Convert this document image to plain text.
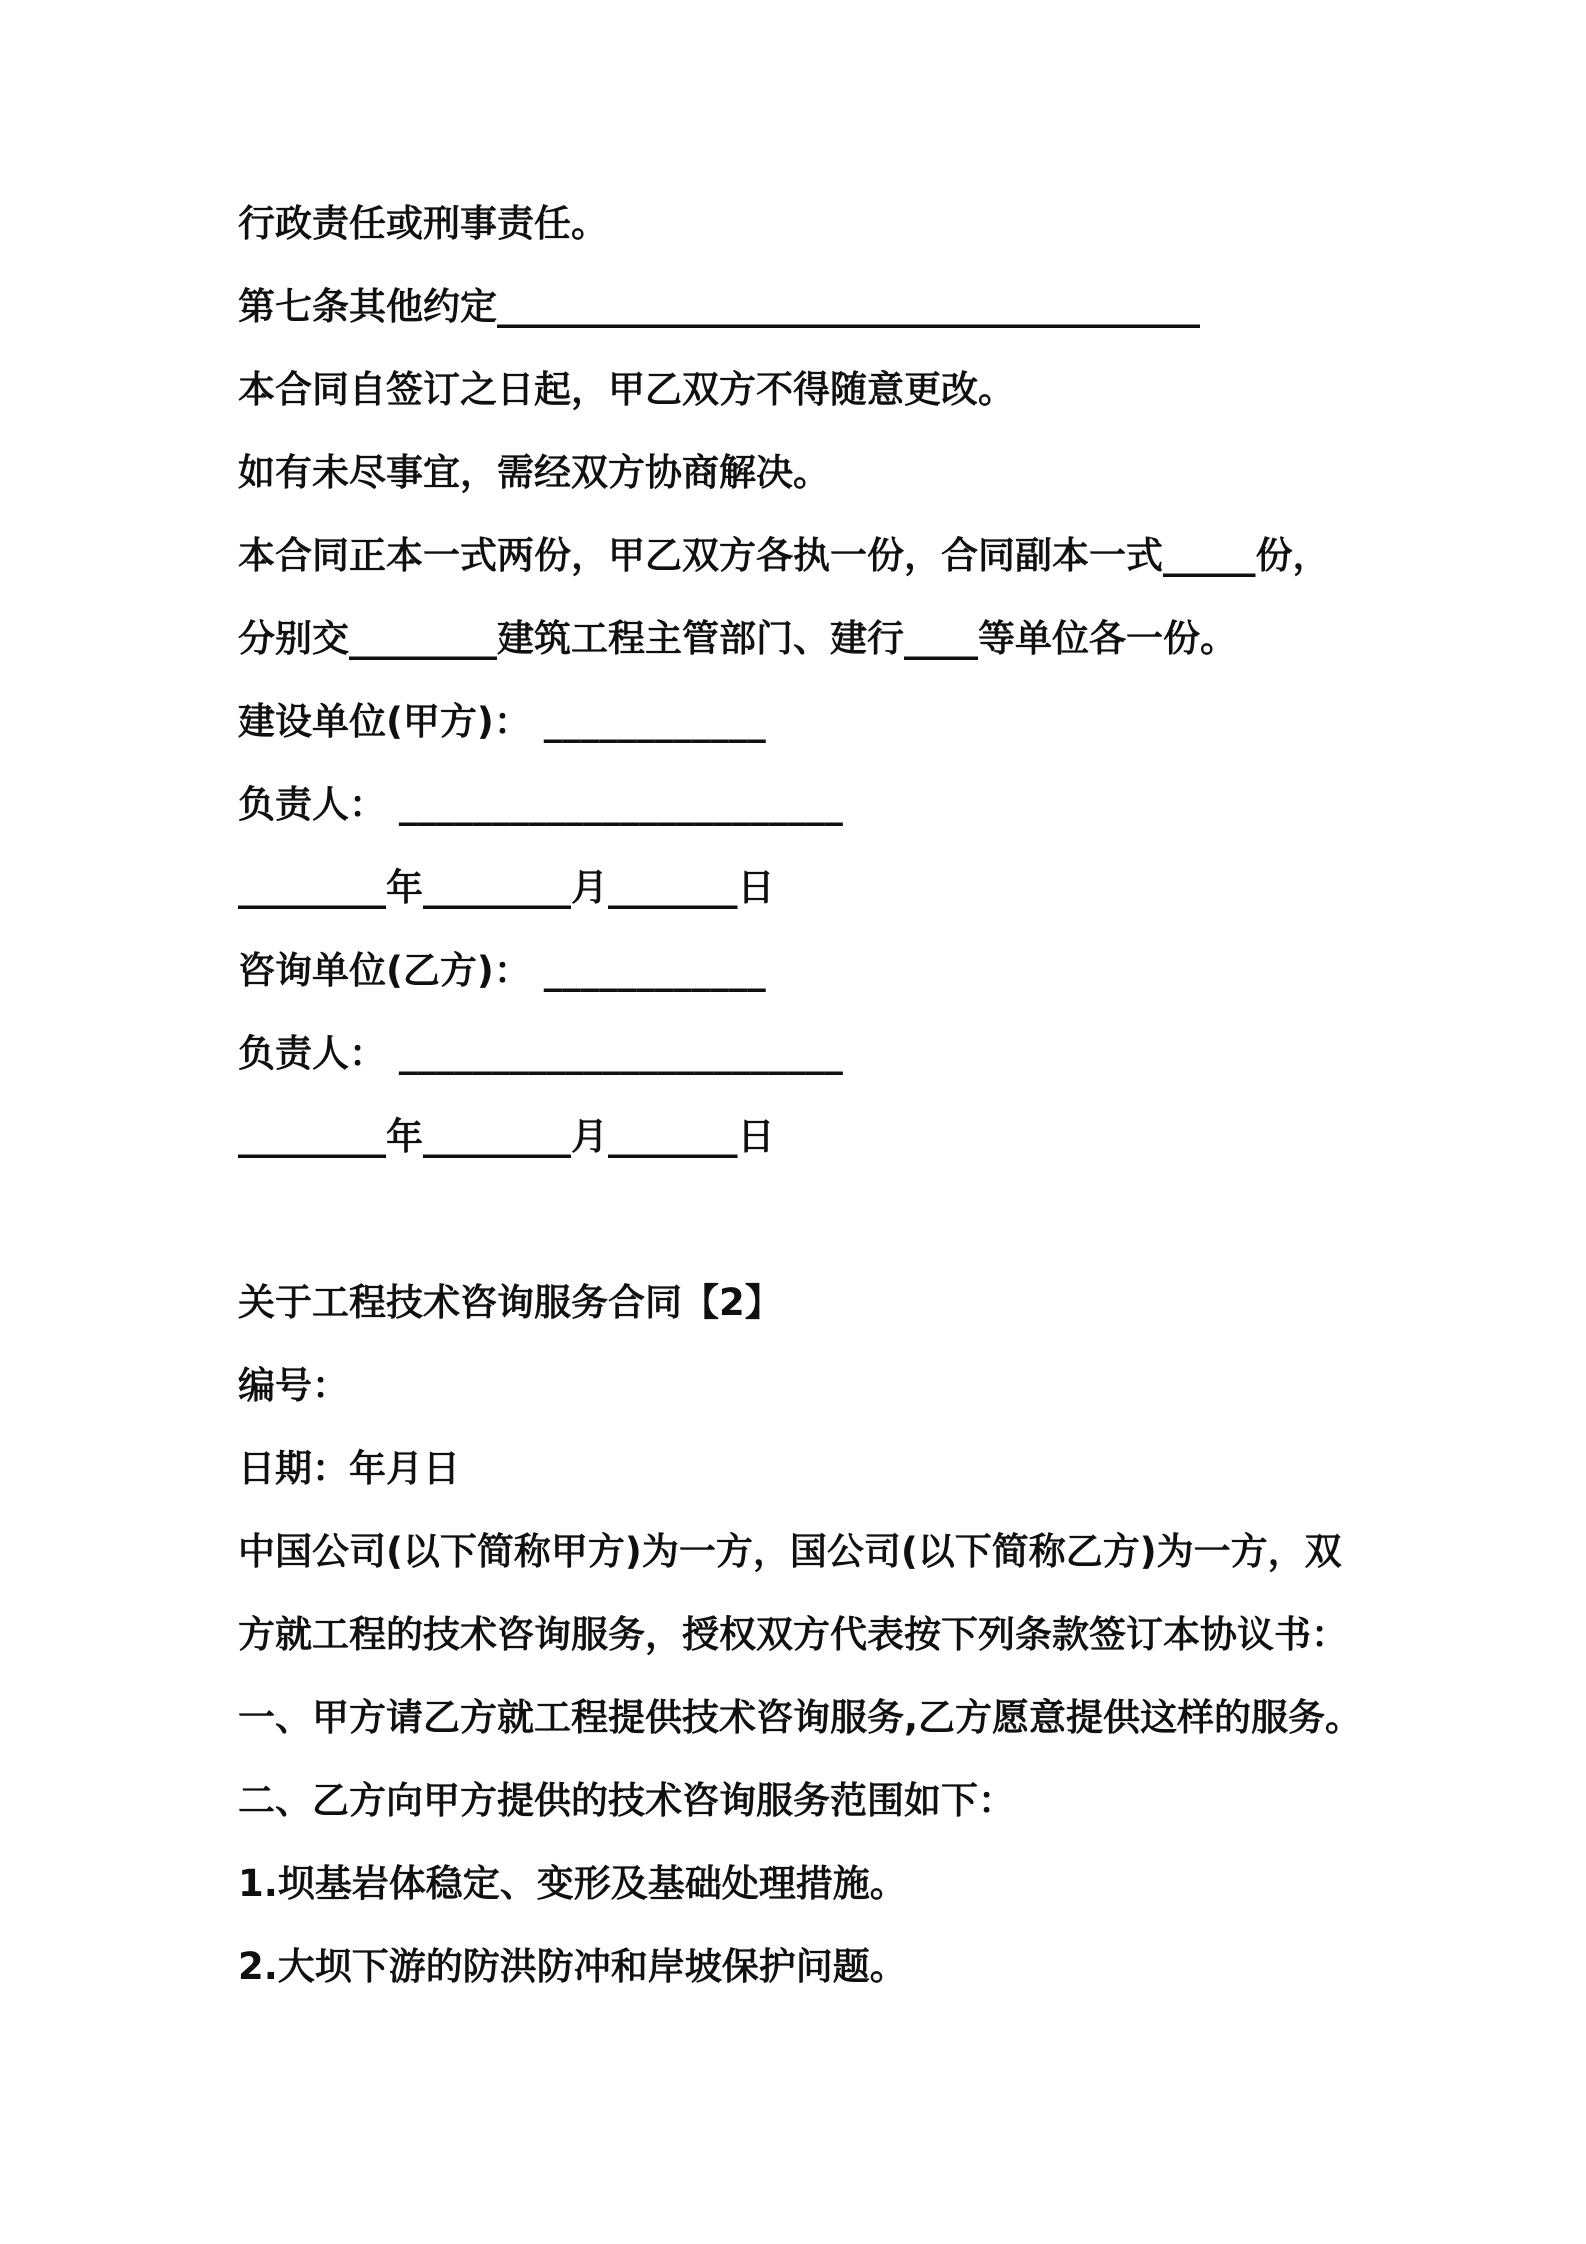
行政责任或刑事责任。
第七条其他约定______________________________________
本合同自签订之日起，甲乙双方不得随意更改。
如有未尽事宜，需经双方协商解决。
本合同正本一式两份，甲乙双方各执一份，合同副本一式_____份，
分别交________建筑工程主管部门、建行____等单位各一份。
建设单位(甲方)： ____________
负责人： ________________________
________年________月_______日
咨询单位(乙方)： ____________
负责人： ________________________
________年________月_______日
关于工程技术咨询服务合同【2】
编号：
日期：年月日
中国公司(以下简称甲方)为一方，国公司(以下简称乙方)为一方，双
方就工程的技术咨询服务，授权双方代表按下列条款签订本协议书：
一、甲方请乙方就工程提供技术咨询服务,乙方愿意提供这样的服务。
二、乙方向甲方提供的技术咨询服务范围如下：
1.坝基岩体稳定、变形及基础处理措施。
2.大坝下游的防洪防冲和岸坡保护问题。
